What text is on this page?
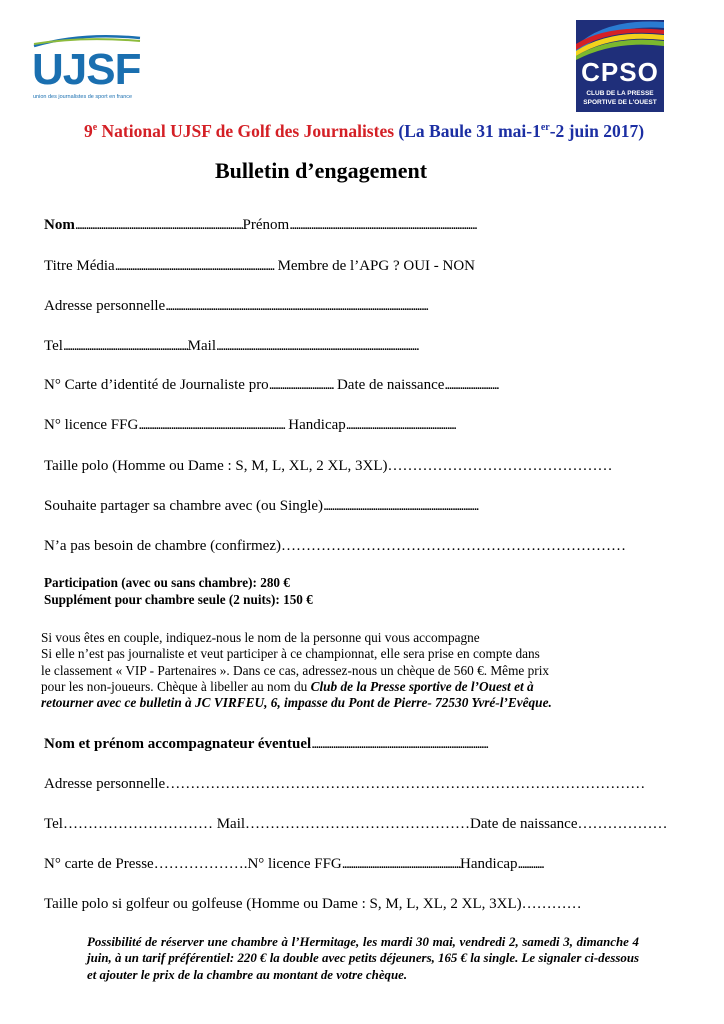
UJSF
union des journalistes de sport en france
CPSO
CLUB DE LA PRESSE
SPORTIVE DE L'OUEST
9e National UJSF de Golf des Journalistes (La Baule 31 mai-1er-2 juin 2017)
Bulletin d’engagement
Nom..............................................................................Prénom.......................................................................................
Titre Média.......................................................................... Membre de l’APG ? OUI - NON
Adresse personnelle..........................................................................................................................
Tel..........................................................Mail..............................................................................................
N° Carte d’identité de Journaliste pro.............................. Date de naissance.........................
N° licence FFG.................................................................... Handicap...................................................
Taille polo (Homme ou Dame : S, M, L, XL, 2 XL, 3XL)………………………………………
Souhaite partager sa chambre avec (ou Single)........................................................................
N’a pas besoin de chambre (confirmez)……………………………………………………………
Participation (avec ou sans chambre): 280 €
Supplément pour chambre seule (2 nuits): 150 €
Si vous êtes en couple, indiquez-nous le nom de la personne qui vous accompagne
Si elle n’est pas journaliste et veut participer à ce championnat, elle sera prise en compte dans
le classement « VIP - Partenaires ». Dans ce cas, adressez-nous un chèque de 560 €. Même prix
pour les non-joueurs. Chèque à libeller au nom du Club de la Presse sportive de l’Ouest et à
retourner avec ce bulletin à JC VIRFEU, 6, impasse du Pont de Pierre- 72530 Yvré-l’Evêque.
Nom et prénom accompagnateur éventuel..................................................................................
Adresse personnelle……………………………………………………………………………………
Tel………………………… Mail………………………………………Date de naissance………………
N° carte de Presse……………….N° licence FFG.......................................................Handicap............
Taille polo si golfeur ou golfeuse (Homme ou Dame : S, M, L, XL, 2 XL, 3XL)…………
Possibilité de réserver une chambre à l’Hermitage, les mardi 30 mai, vendredi 2, samedi 3, dimanche 4 juin, à un tarif préférentiel: 220 € la double avec petits déjeuners, 165 € la single. Le signaler ci-dessous et ajouter le prix de la chambre au montant de votre chèque.
